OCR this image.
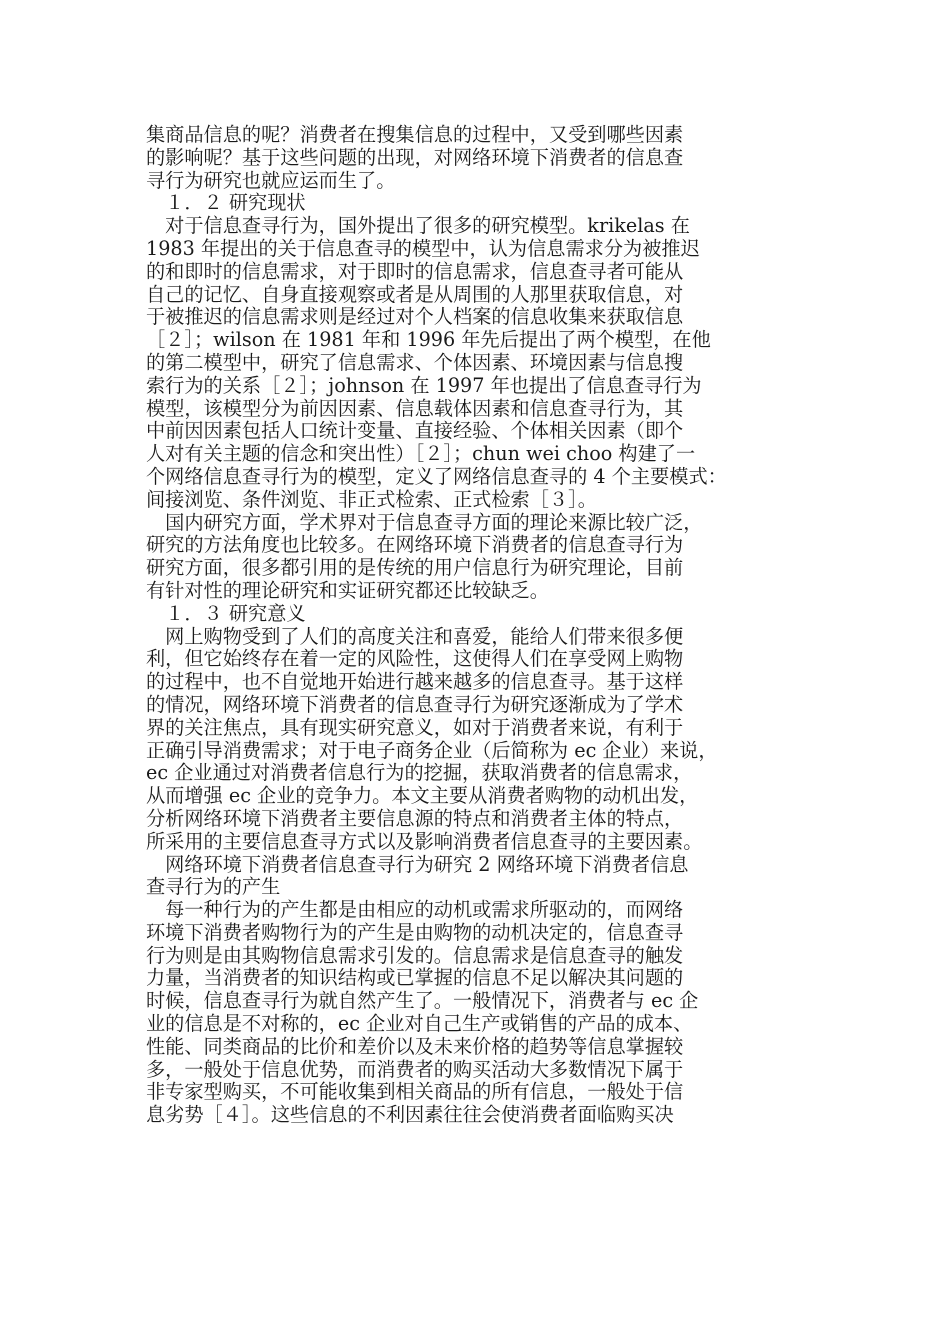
集商品信息的呢？消费者在搜集信息的过程中，又受到哪些因素
的影响呢？基于这些问题的出现，对网络环境下消费者的信息查
寻行为研究也就应运而生了。
　１．２ 研究现状
　对于信息查寻行为，国外提出了很多的研究模型。krikelas 在
1983 年提出的关于信息查寻的模型中，认为信息需求分为被推迟
的和即时的信息需求，对于即时的信息需求，信息查寻者可能从
自己的记忆、自身直接观察或者是从周围的人那里获取信息，对
于被推迟的信息需求则是经过对个人档案的信息收集来获取信息
［２］；wilson 在 1981 年和 1996 年先后提出了两个模型，在他
的第二模型中，研究了信息需求、个体因素、环境因素与信息搜
索行为的关系［２］；johnson 在 1997 年也提出了信息查寻行为
模型，该模型分为前因因素、信息载体因素和信息查寻行为，其
中前因因素包括人口统计变量、直接经验、个体相关因素（即个
人对有关主题的信念和突出性）［２］；chun wei choo 构建了一
个网络信息查寻行为的模型，定义了网络信息查寻的 4 个主要模式：
间接浏览、条件浏览、非正式检索、正式检索［３］。
　国内研究方面，学术界对于信息查寻方面的理论来源比较广泛，
研究的方法角度也比较多。在网络环境下消费者的信息查寻行为
研究方面，很多都引用的是传统的用户信息行为研究理论，目前
有针对性的理论研究和实证研究都还比较缺乏。
　１．３ 研究意义
　网上购物受到了人们的高度关注和喜爱，能给人们带来很多便
利，但它始终存在着一定的风险性，这使得人们在享受网上购物
的过程中，也不自觉地开始进行越来越多的信息查寻。基于这样
的情况，网络环境下消费者的信息查寻行为研究逐渐成为了学术
界的关注焦点，具有现实研究意义，如对于消费者来说，有利于
正确引导消费需求；对于电子商务企业（后简称为 ec 企业）来说，
ec 企业通过对消费者信息行为的挖掘，获取消费者的信息需求，
从而增强 ec 企业的竞争力。本文主要从消费者购物的动机出发，
分析网络环境下消费者主要信息源的特点和消费者主体的特点，
所采用的主要信息查寻方式以及影响消费者信息查寻的主要因素。
　网络环境下消费者信息查寻行为研究 2 网络环境下消费者信息
查寻行为的产生
　每一种行为的产生都是由相应的动机或需求所驱动的，而网络
环境下消费者购物行为的产生是由购物的动机决定的，信息查寻
行为则是由其购物信息需求引发的。信息需求是信息查寻的触发
力量，当消费者的知识结构或已掌握的信息不足以解决其问题的
时候，信息查寻行为就自然产生了。一般情况下，消费者与 ec 企
业的信息是不对称的，ec 企业对自己生产或销售的产品的成本、
性能、同类商品的比价和差价以及未来价格的趋势等信息掌握较
多，一般处于信息优势，而消费者的购买活动大多数情况下属于
非专家型购买，不可能收集到相关商品的所有信息，一般处于信
息劣势［４］。这些信息的不利因素往往会使消费者面临购买决
